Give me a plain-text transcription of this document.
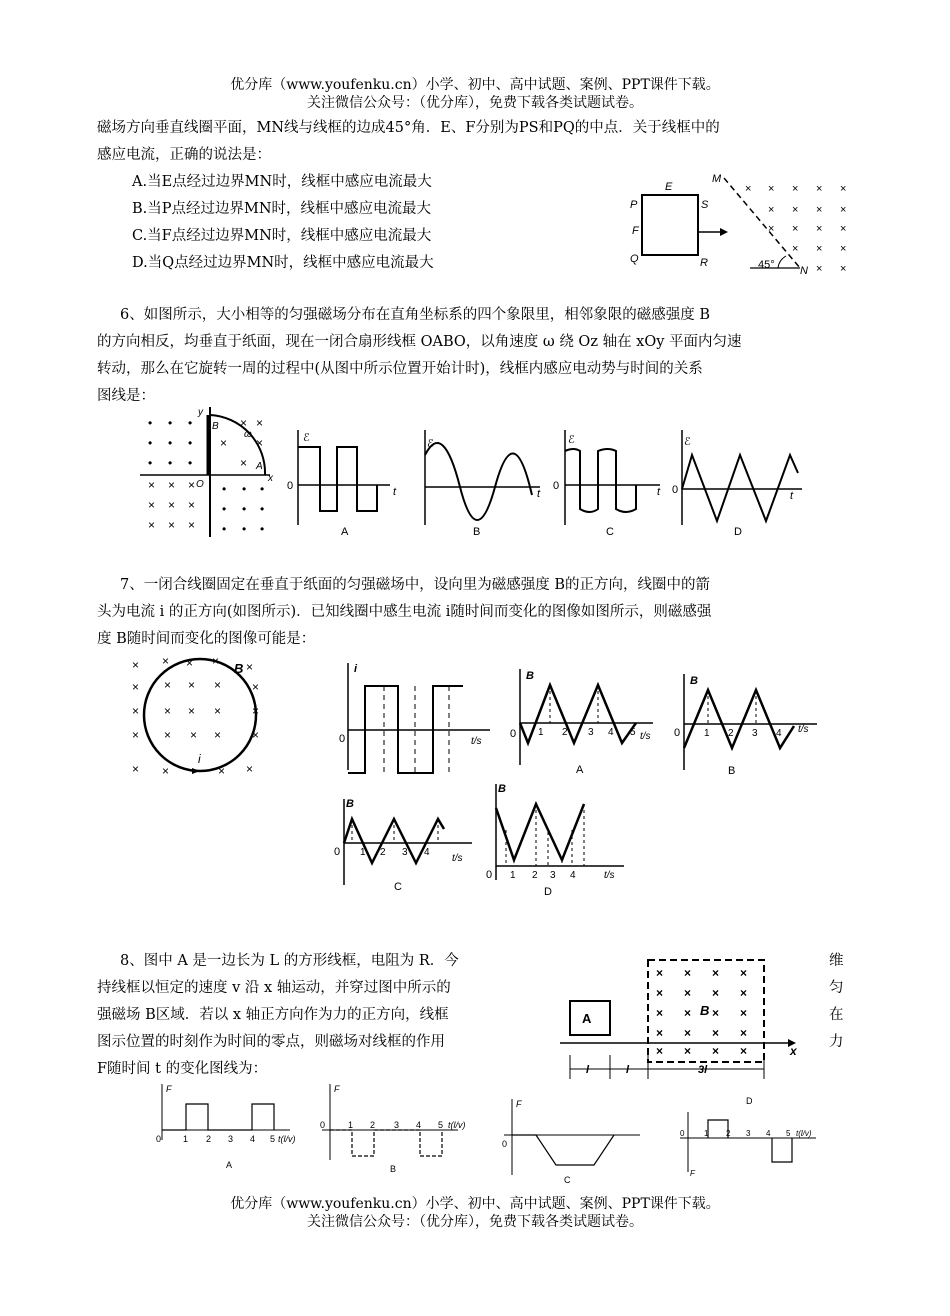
优分库（www.youfenku.cn）小学、初中、高中试题、案例、PPT课件下载。
关注微信公众号：（优分库），免费下载各类试题试卷。
磁场方向垂直线圈平面，MN线与线框的边成45°角．E、F分别为PS和PQ的中点．关于线框中的
感应电流，正确的说法是：
A.当E点经过边界MN时，线框中感应电流最大
B.当P点经过边界MN时，线框中感应电流最大
C.当F点经过边界MN时，线框中感应电流最大
D.当Q点经过边界MN时，线框中感应电流最大
× × × × ×
× × × ×
× × × ×
× × ×
× ×
M
N
P
E
S
F
Q	R	45°
6、如图所示，大小相等的匀强磁场分布在直角坐标系的四个象限里，相邻象限的磁感强度 B
的方向相反，均垂直于纸面，现在一闭合扇形线框 OABO，以角速度 ω 绕 Oz 轴在 xOy 平面内匀速
转动，那么在它旋转一周的过程中(从图中所示位置开始计时)，线框内感应电动势与时间的关系
图线是：
• • •
• • •
• • •
× ×
× ×
×
× × ×
× × ×
× × ×
• • •
• • •
• • •
y
x
O
B
A
ω	ℰ
0	t
A
ℰ
t
B
ℰ
0	t
C
ℰ
0	t
D
7、一闭合线圈固定在垂直于纸面的匀强磁场中，设向里为磁感强度 B的正方向，线圈中的箭
头为电流 i 的正方向(如图所示)．已知线圈中感生电流 i随时间而变化的图像如图所示，则磁感强
度 B随时间而变化的图像可能是：
× × × × ×
× × × ×	×
× × × ×	×
× × × ×	×
× ×	× ×
B
i
i
0	t/s
B
0 1 2 3 4 5 t/s
A
B
0 1 2 3 4 t/s
B
B
0 1 2 3 4
t/s
C
B
0 1 2 3 4	t/s
D
8、图中 A 是一边长为 L 的方形线框，电阻为 R．今
持线框以恒定的速度 v 沿 x 轴运动，并穿过图中所示的
强磁场 B区域．若以 x 轴正方向作为力的正方向，线框
图示位置的时刻作为时间的零点，则磁场对线框的作用
F随时间 t 的变化图线为：
维
匀
在
力
× × × ×
× × × ×
× × × ×
× × × ×
× × × ×
A
B
x
l	l	3l
F
0 1 2 3 4 5 t(l/v)
A
F
0	1 2 3 4 5 t(l/v)
B
F
0
C
D
0 1 2 3 4 5 t(l/v)
F
优分库（www.youfenku.cn）小学、初中、高中试题、案例、PPT课件下载。
关注微信公众号：（优分库），免费下载各类试题试卷。
